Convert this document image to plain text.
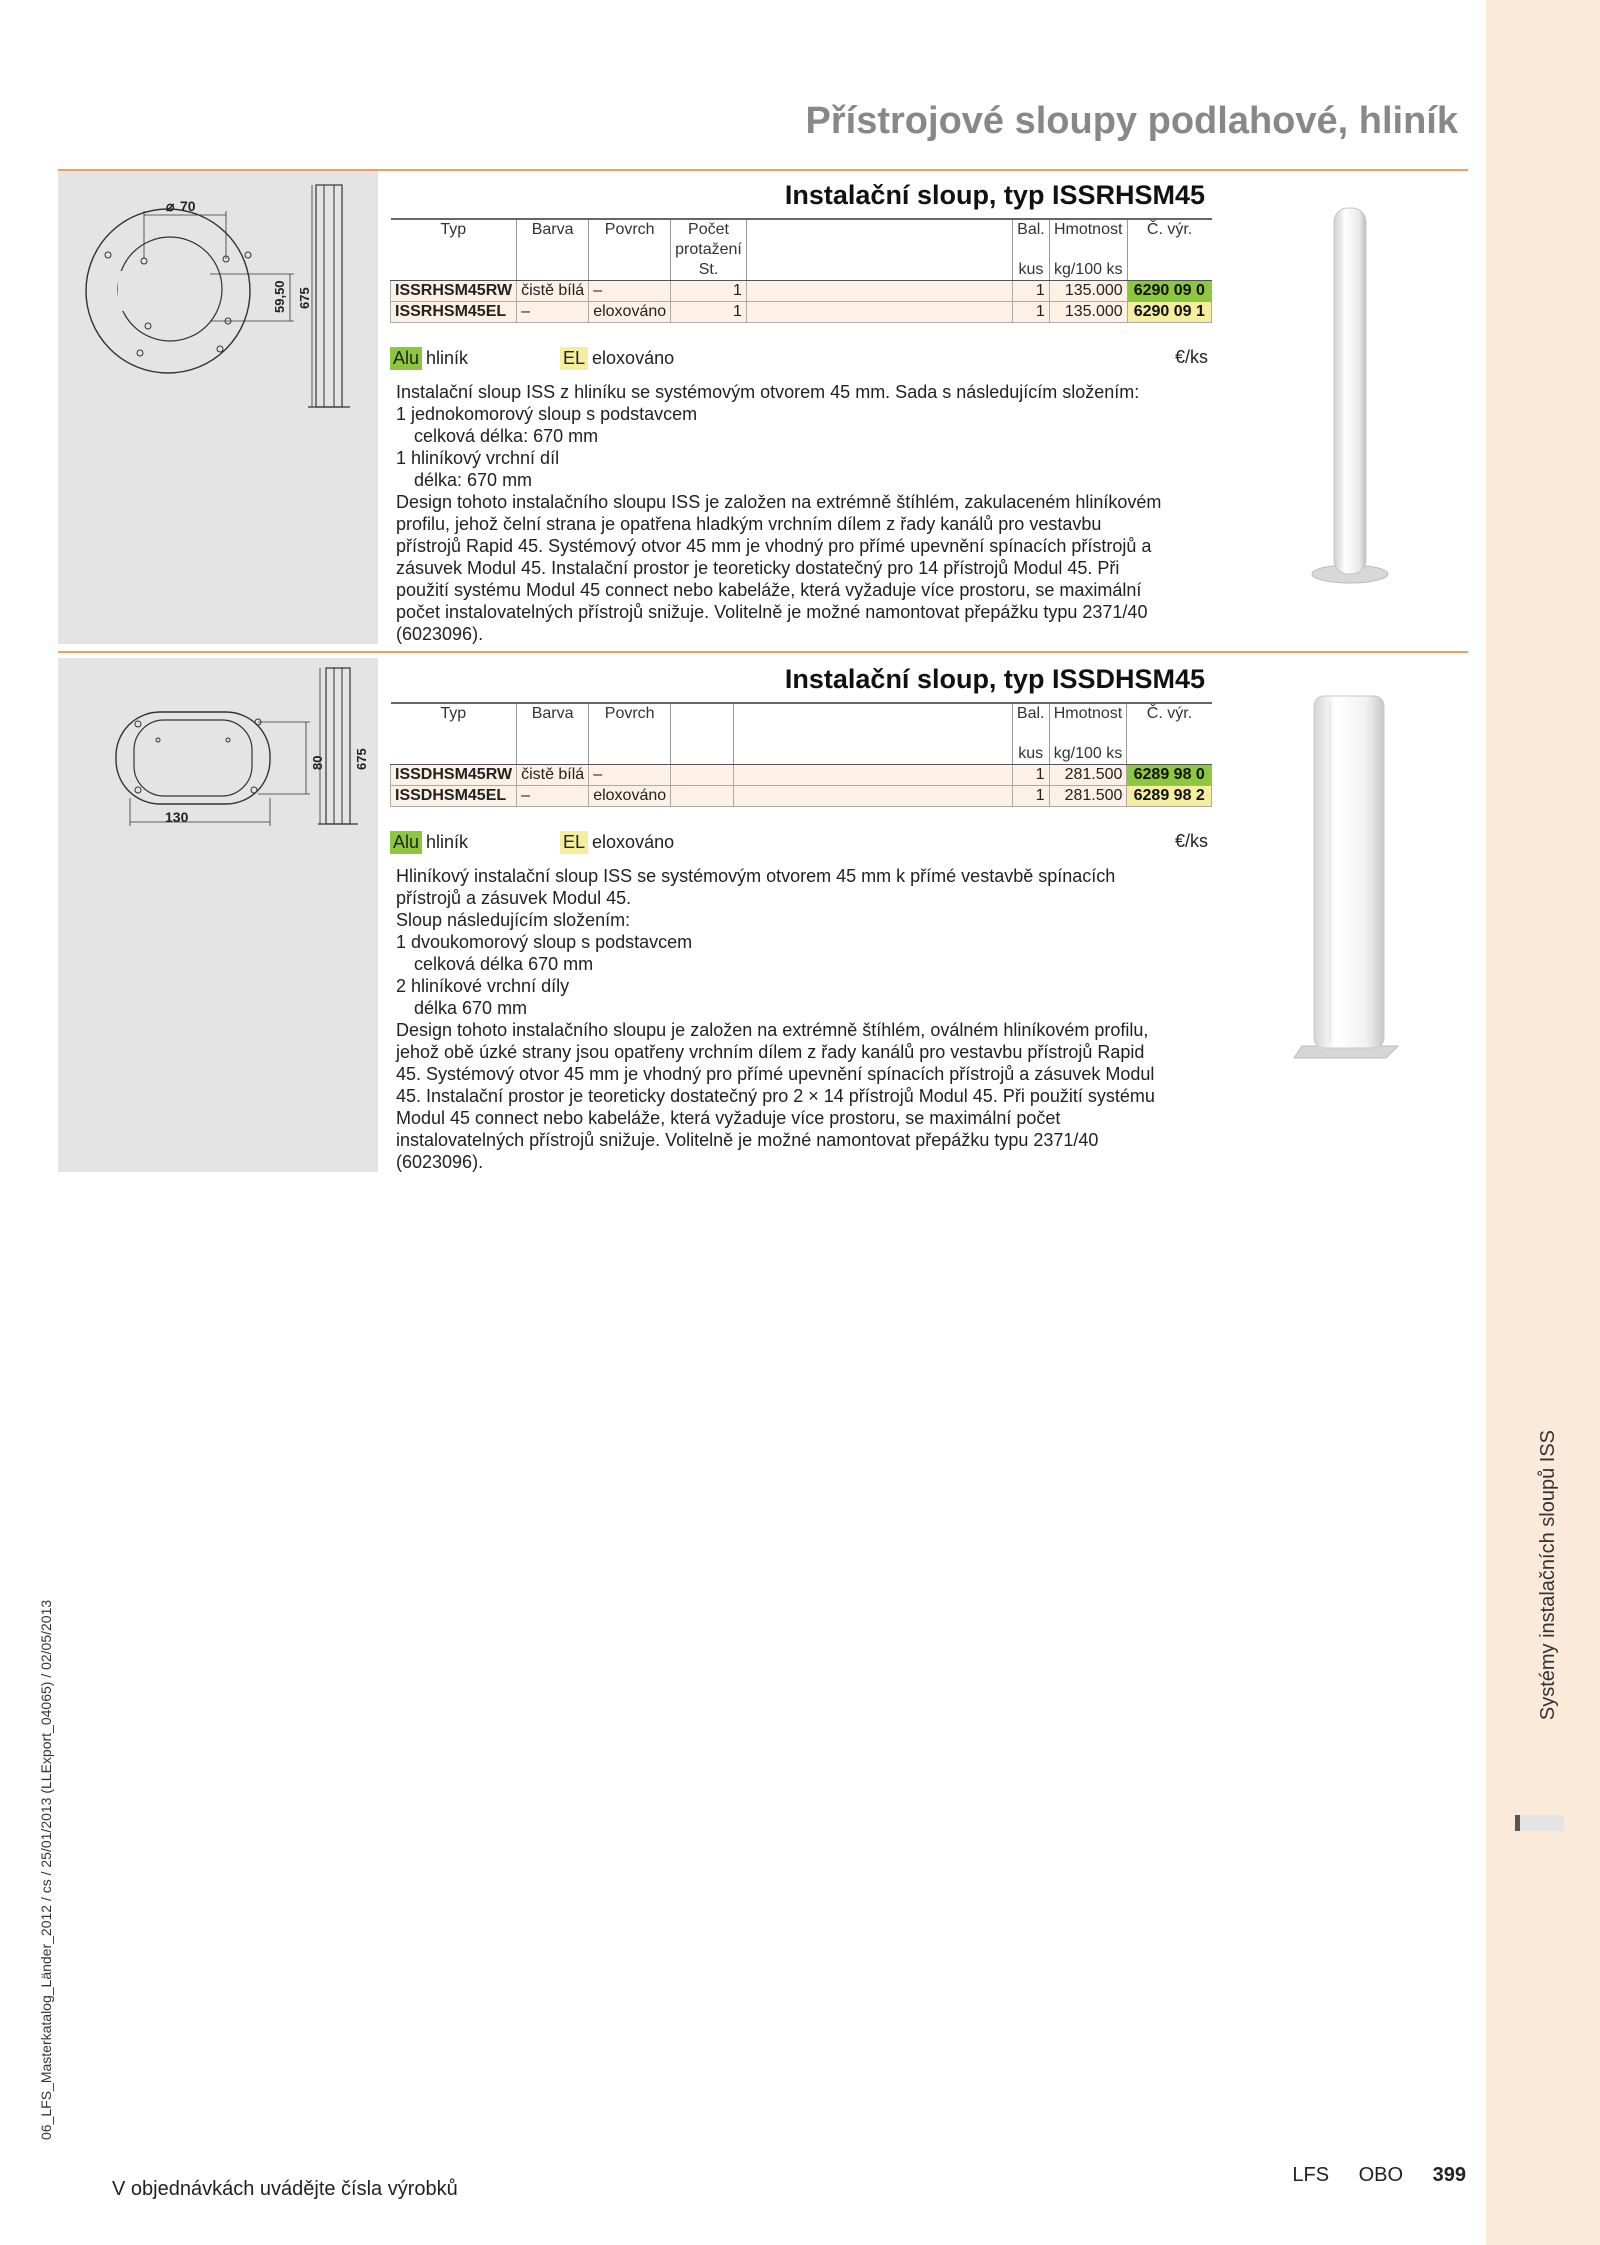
Systémy instalačních sloupů ISS
Přístrojové sloupy podlahové, hliník
⌀ 70
59,50 675
Instalační sloup, typ ISSRHSM45
Typ	Barva	Povrch	Počet		Bal.	Hmotnost	Č. výr.
			protažení				
			St.		kus	kg/100 ks	
ISSRHSM45RW	čistě bílá	–	1		1	135.000	6290 09 0
ISSRHSM45EL	–	eloxováno	1		1	135.000	6290 09 1
Alu hliník	EL eloxováno	€/ks
Instalační sloup ISS z hliníku se systémovým otvorem 45 mm. Sada s následujícím složením:
1 jednokomorový sloup s podstavcem
celková délka: 670 mm
1 hliníkový vrchní díl
délka: 670 mm
Design tohoto instalačního sloupu ISS je založen na extrémně štíhlém, zakulaceném hliníkovém
profilu, jehož čelní strana je opatřena hladkým vrchním dílem z řady kanálů pro vestavbu
přístrojů Rapid 45. Systémový otvor 45 mm je vhodný pro přímé upevnění spínacích přístrojů a
zásuvek Modul 45. Instalační prostor je teoreticky dostatečný pro 14 přístrojů Modul 45. Při
použití systému Modul 45 connect nebo kabeláže, která vyžaduje více prostoru, se maximální
počet instalovatelných přístrojů snižuje. Volitelně je možné namontovat přepážku typu 2371/40
(6023096).
80
130
675
Instalační sloup, typ ISSDHSM45
Typ	Barva	Povrch			Bal.	Hmotnost	Č. výr.

					kus	kg/100 ks	
ISSDHSM45RW	čistě bílá	–			1	281.500	6289 98 0
ISSDHSM45EL	–	eloxováno			1	281.500	6289 98 2
Alu hliník	EL eloxováno	€/ks
Hliníkový instalační sloup ISS se systémovým otvorem 45 mm k přímé vestavbě spínacích
přístrojů a zásuvek Modul 45.
Sloup následujícím složením:
1 dvoukomorový sloup s podstavcem
celková délka 670 mm
2 hliníkové vrchní díly
délka 670 mm
Design tohoto instalačního sloupu je založen na extrémně štíhlém, oválném hliníkovém profilu,
jehož obě úzké strany jsou opatřeny vrchním dílem z řady kanálů pro vestavbu přístrojů Rapid
45. Systémový otvor 45 mm je vhodný pro přímé upevnění spínacích přístrojů a zásuvek Modul
45. Instalační prostor je teoreticky dostatečný pro 2 × 14 přístrojů Modul 45. Při použití systému
Modul 45 connect nebo kabeláže, která vyžaduje více prostoru, se maximální počet
instalovatelných přístrojů snižuje. Volitelně je možné namontovat přepážku typu 2371/40
(6023096).
06_LFS_Masterkatalog_Länder_2012 / cs / 25/01/2013 (LLExport_04065) / 02/05/2013
V objednávkách uvádějte čísla výrobků
LFS OBO 399
